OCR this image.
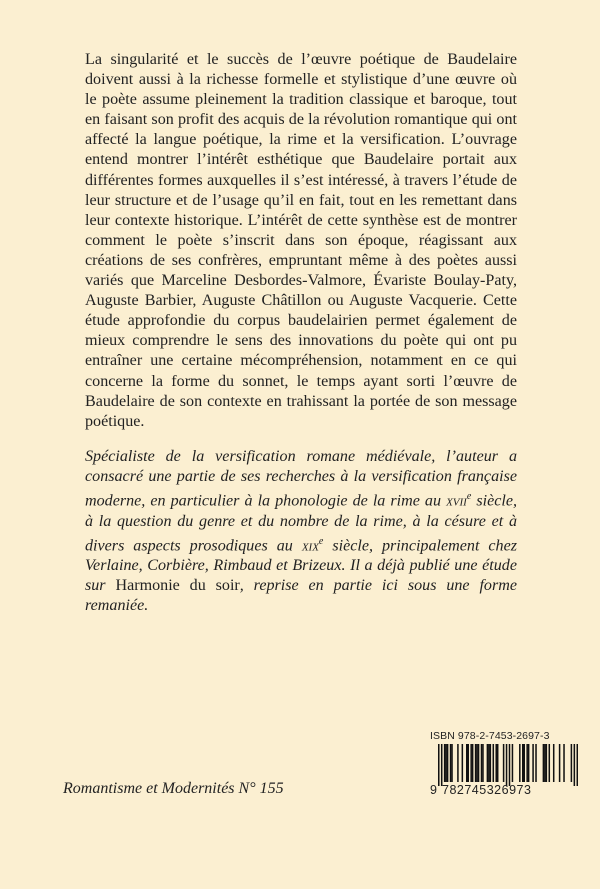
La singularité et le succès de l’œuvre poétique de Baudelaire doivent aussi à la richesse formelle et stylistique d’une œuvre où le poète assume pleinement la tradition classique et baroque, tout en faisant son profit des acquis de la révolution romantique qui ont affecté la langue poétique, la rime et la versification. L’ouvrage entend montrer l’intérêt esthétique que Baudelaire portait aux différentes formes auxquelles il s’est intéressé, à travers l’étude de leur structure et de l’usage qu’il en fait, tout en les remettant dans leur contexte historique. L’intérêt de cette synthèse est de montrer comment le poète s’inscrit dans son époque, réagissant aux créations de ses confrères, empruntant même à des poètes aussi variés que Marceline Desbordes-Valmore, Évariste Boulay-Paty, Auguste Barbier, Auguste Châtillon ou Auguste Vacquerie. Cette étude approfondie du corpus baudelairien permet également de mieux comprendre le sens des innovations du poète qui ont pu entraîner une certaine mécompréhension, notamment en ce qui concerne la forme du sonnet, le temps ayant sorti l’œuvre de Baudelaire de son contexte en trahissant la portée de son message poétique.

Spécialiste de la versification romane médiévale, l’auteur a consacré une partie de ses recherches à la versification française moderne, en particulier à la phonologie de la rime au xvii$^e$ siècle, à la question du genre et du nombre de la rime, à la césure et à divers aspects prosodiques au xix$^e$ siècle, principalement chez Verlaine, Corbière, Rimbaud et Brizeux. Il a déjà publié une étude sur Harmonie du soir, reprise en partie ici sous une forme remaniée.

Romantisme et Modernités N° 155
ISBN 978-2-7453-2697-3
9 782745326973
